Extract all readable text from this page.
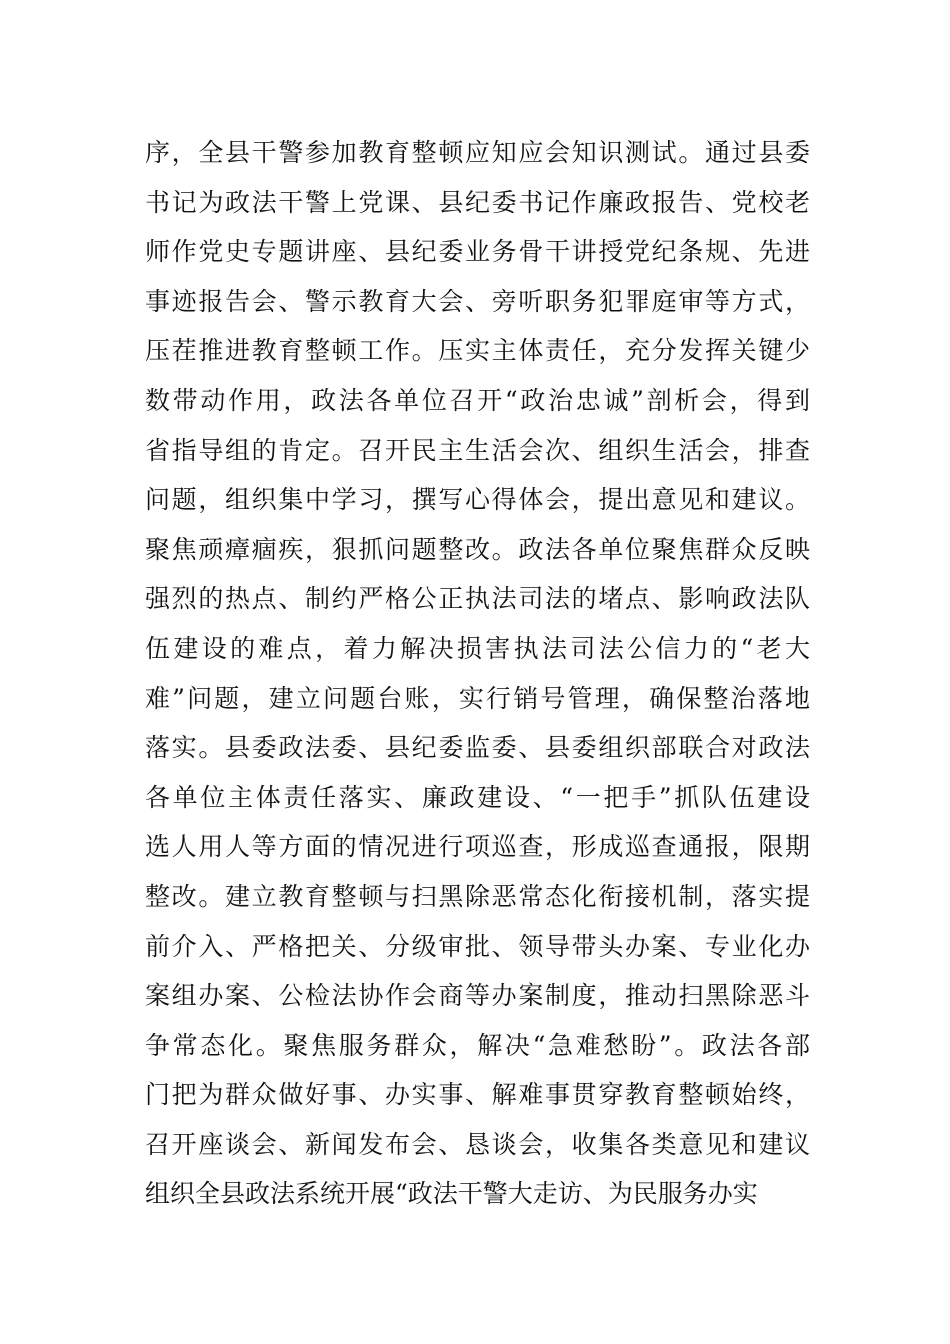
序，全县干警参加教育整顿应知应会知识测试。通过县委
书记为政法干警上党课、县纪委书记作廉政报告、党校老
师作党史专题讲座、县纪委业务骨干讲授党纪条规、先进
事迹报告会、警示教育大会、旁听职务犯罪庭审等方式，
压茬推进教育整顿工作。压实主体责任，充分发挥关键少
数带动作用，政法各单位召开“政治忠诚”剖析会，得到
省指导组的肯定。召开民主生活会次、组织生活会，排查
问题，组织集中学习，撰写心得体会，提出意见和建议。
聚焦顽瘴痼疾，狠抓问题整改。政法各单位聚焦群众反映
强烈的热点、制约严格公正执法司法的堵点、影响政法队
伍建设的难点，着力解决损害执法司法公信力的“老大
难”问题，建立问题台账，实行销号管理，确保整治落地
落实。县委政法委、县纪委监委、县委组织部联合对政法
各单位主体责任落实、廉政建设、“一把手”抓队伍建设
选人用人等方面的情况进行项巡查，形成巡查通报，限期
整改。建立教育整顿与扫黑除恶常态化衔接机制，落实提
前介入、严格把关、分级审批、领导带头办案、专业化办
案组办案、公检法协作会商等办案制度，推动扫黑除恶斗
争常态化。聚焦服务群众，解决“急难愁盼”。政法各部
门把为群众做好事、办实事、解难事贯穿教育整顿始终，
召开座谈会、新闻发布会、恳谈会，收集各类意见和建议
组织全县政法系统开展“政法干警大走访、为民服务办实
